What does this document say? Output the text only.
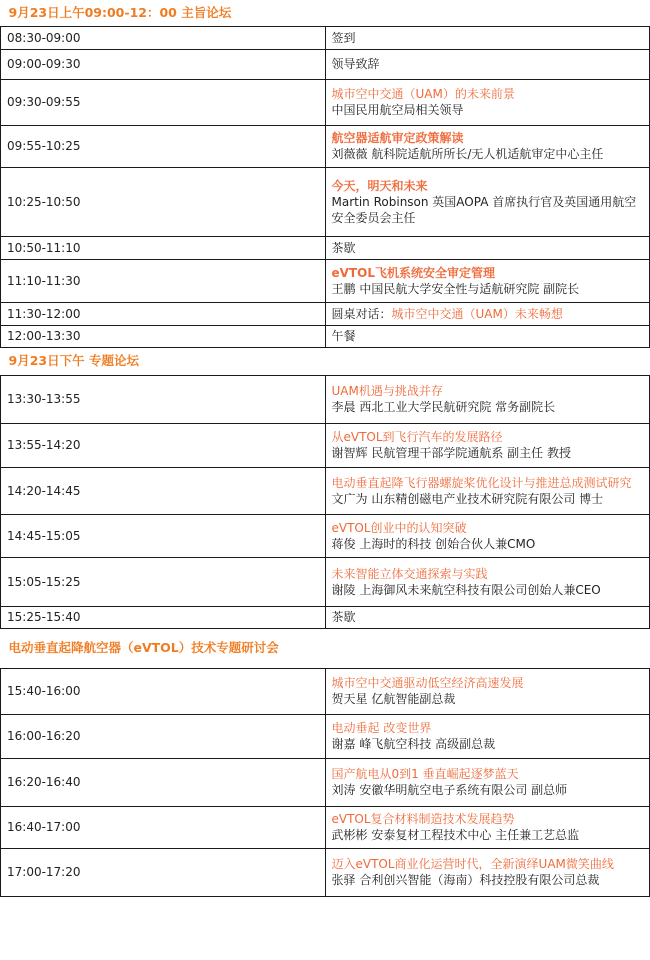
9月23日上午09:00-12：00 主旨论坛	
08:30-09:00	签到

09:00-09:30	领导致辞

09:30-09:55	城市空中交通（UAM）的未来前景
中国民用航空局相关领导

09:55-10:25	航空器适航审定政策解读
刘薇薇 航科院适航所所长/无人机适航审定中心主任

10:25-10:50	今天，明天和未来
Martin Robinson 英国AOPA 首席执行官及英国通用航空安全委员会主任

10:50-11:10	茶歇

11:10-11:30	eVTOL飞机系统安全审定管理
王鹏 中国民航大学安全性与适航研究院 副院长

11:30-12:00	圆桌对话：城市空中交通（UAM）未来畅想
12:00-13:30	午餐

9月23日下午 专题论坛	
13:30-13:55	UAM机遇与挑战并存
李晨 西北工业大学民航研究院 常务副院长

13:55-14:20	从eVTOL到飞行汽车的发展路径
谢智辉 民航管理干部学院通航系 副主任 教授

14:20-14:45	电动垂直起降飞行器螺旋桨优化设计与推进总成测试研究
文广为 山东精创磁电产业技术研究院有限公司 博士

14:45-15:05	eVTOL创业中的认知突破
蒋俊 上海时的科技 创始合伙人兼CMO

15:05-15:25	未来智能立体交通探索与实践
谢陵 上海御风未来航空科技有限公司创始人兼CEO

15:25-15:40	茶歇

电动垂直起降航空器（eVTOL）技术专题研讨会	
15:40-16:00	城市空中交通驱动低空经济高速发展
贺天星 亿航智能副总裁

16:00-16:20	电动垂起 改变世界
谢嘉 峰飞航空科技 高级副总裁

16:20-16:40	国产航电从0到1 垂直崛起逐梦蓝天
刘涛 安徽华明航空电子系统有限公司 副总师

16:40-17:00	eVTOL复合材料制造技术发展趋势
武彬彬 安泰复材工程技术中心 主任兼工艺总监

17:00-17:20	迈入eVTOL商业化运营时代，全新演绎UAM微笑曲线
张驿 合利创兴智能（海南）科技控股有限公司总裁
